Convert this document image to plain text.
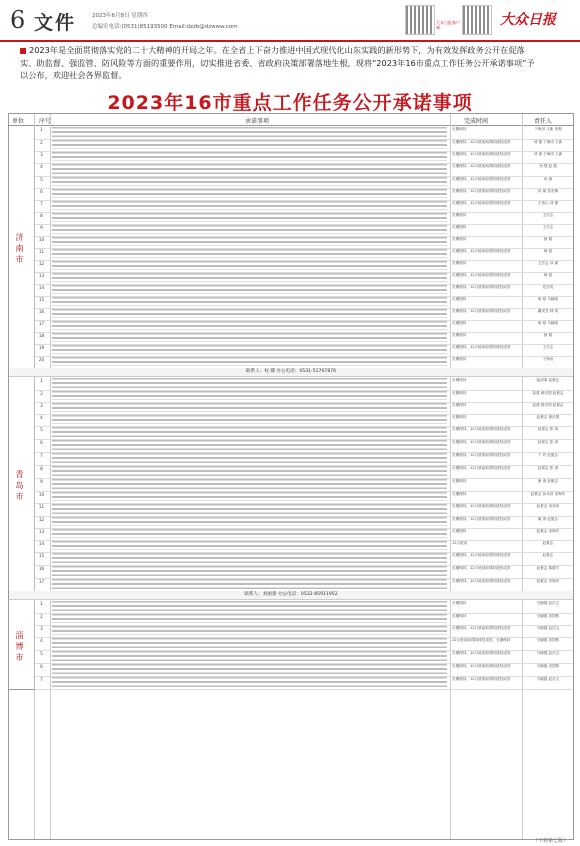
6 文件	2023年6月8日 星期四
总编室电话:(0531)85193500 Email:dzzb@dzwww.com
大众日报客户端	大众日报
2023年是全面贯彻落实党的二十大精神的开局之年。在全省上下奋力推进中国式现代化山东实践的新形势下，为有效发挥政务公开在促落实、助监督、强监管、防风险等方面的重要作用，切实推进省委、省政府决策部署落地生根，现将“2023年16市重点工作任务公开承诺事项”予以公布，欢迎社会各界监督。
2023年16市重点工作任务公开承诺事项
单位 序号	承诺事项	完成时间	责任人
1	长期保持	于海田 王新 刘强
2	长期保持，12月底前取得阶段性成效	刘 强 于海田 王新
3	长期保持，12月底前取得阶段性成效	刘 强 于海田 王新
4	长期保持，12月底前取得阶段性成效	刘 强 赵 德
5	长期保持，12月底前取得阶段性成效	孙 斌
6	长期保持，12月底前取得阶段性成效	孙 斌 张若梅
7	长期保持，12月底前取得阶段性成效	王贵山 刘 强
8	长期保持	王宏志
9	长期保持	王宏志
10	长期保持	杨 韬
11	长期保持，12月底前取得阶段性成效	杨 韬
12	长期保持	王宏志 孙 斌
13	长期保持，12月底前取得阶段性成效	杨 韬
14	长期保持，12月底前取得阶段性成效	任庆英
15	长期保持	杨 韬 马晓明
16	长期保持，12月底前取得阶段性成效	戴成龙 韩 伟
17	长期保持	杨 韬 马晓明
18	长期保持	杨 韬
19	长期保持，12月底前取得阶段性成效	王宏志
20	长期保持	于海田
济南市
联系人：权 娜 办公电话：0531-51707876
1	长期保持	陆治原 赵豪志
2	长期保持	赵燕 薛庆国 赵豪志
3	长期保持	赵燕 薛庆国 赵豪志
4	长期保持	赵豪志 薛庆国
5	长期保持，12月底前取得阶段性成效	赵豪志 张 涛
6	长期保持，12月底前取得阶段性成效	赵豪志 张 涛
7	长期保持，12月底前取得阶段性成效	于 玲 赵豪志
8	长期保持，12月底前取得阶段性成效	赵豪志 张 涛
9	长期保持	耿 涛 赵豪志
10	长期保持	赵豪志 孙本昌 宋海东
11	长期保持，12月底前取得阶段性成效	赵豪志 吴寿伟
12	长期保持，12月底前取得阶段性成效	耿 涛 赵豪志
13	长期保持	赵豪志 宋海东
14	12月底前	赵豪志
15	长期保持，12月底前取得阶段性成效	赵豪志
16	长期保持，12月底前取得阶段性成效	赵豪志 陈德宇
17	长期保持，12月底前取得阶段性成效	赵豪志 宋海东
青岛市
联系人：刘丽蕾 办公电话：0532-85911952
1	长期保持	马晓磊 赵庆文
2	长期保持	马晓磊 宋国栋
3	长期保持，12月底前取得阶段性成效	马晓磊 赵庆文
4	12月底前取得阶段性成效，长期保持	马晓磊 宋国栋
5	长期保持，12月底前取得阶段性成效	马晓磊 赵庆文
6	长期保持，12月底前取得阶段性成效	马晓磊 宋国栋
7	长期保持，12月底前取得阶段性成效	马晓磊 赵庆文
淄博市
（下转第七版）
